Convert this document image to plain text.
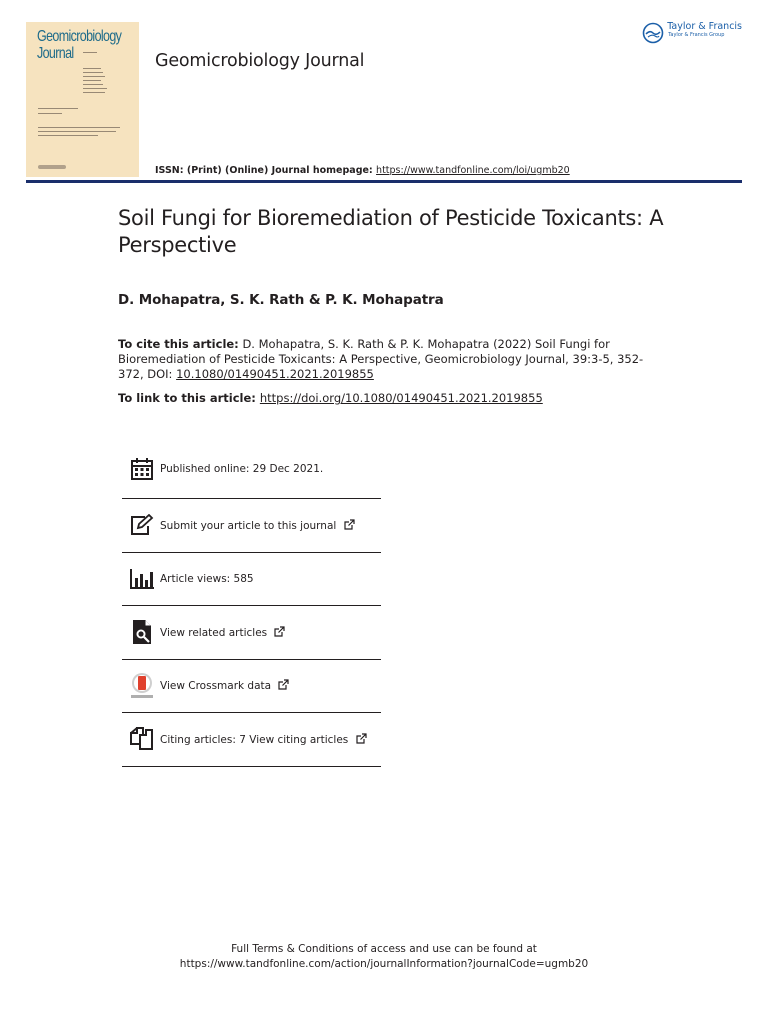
Geomicrobiology
Journal	Geomicrobiology Journal
ISSN: (Print) (Online) Journal homepage: https://www.tandfonline.com/loi/ugmb20
Taylor & Francis
Taylor & Francis Group
Soil Fungi for Bioremediation of Pesticide Toxicants: A Perspective
D. Mohapatra, S. K. Rath & P. K. Mohapatra
To cite this article: D. Mohapatra, S. K. Rath & P. K. Mohapatra (2022) Soil Fungi for Bioremediation of Pesticide Toxicants: A Perspective, Geomicrobiology Journal, 39:3-5, 352-372, DOI: 10.1080/01490451.2021.2019855
To link to this article: https://doi.org/10.1080/01490451.2021.2019855
Published online: 29 Dec 2021.
Submit your article to this journal
Article views: 585
View related articles
View Crossmark data
Citing articles: 7 View citing articles
Full Terms & Conditions of access and use can be found at
https://www.tandfonline.com/action/journalInformation?journalCode=ugmb20
